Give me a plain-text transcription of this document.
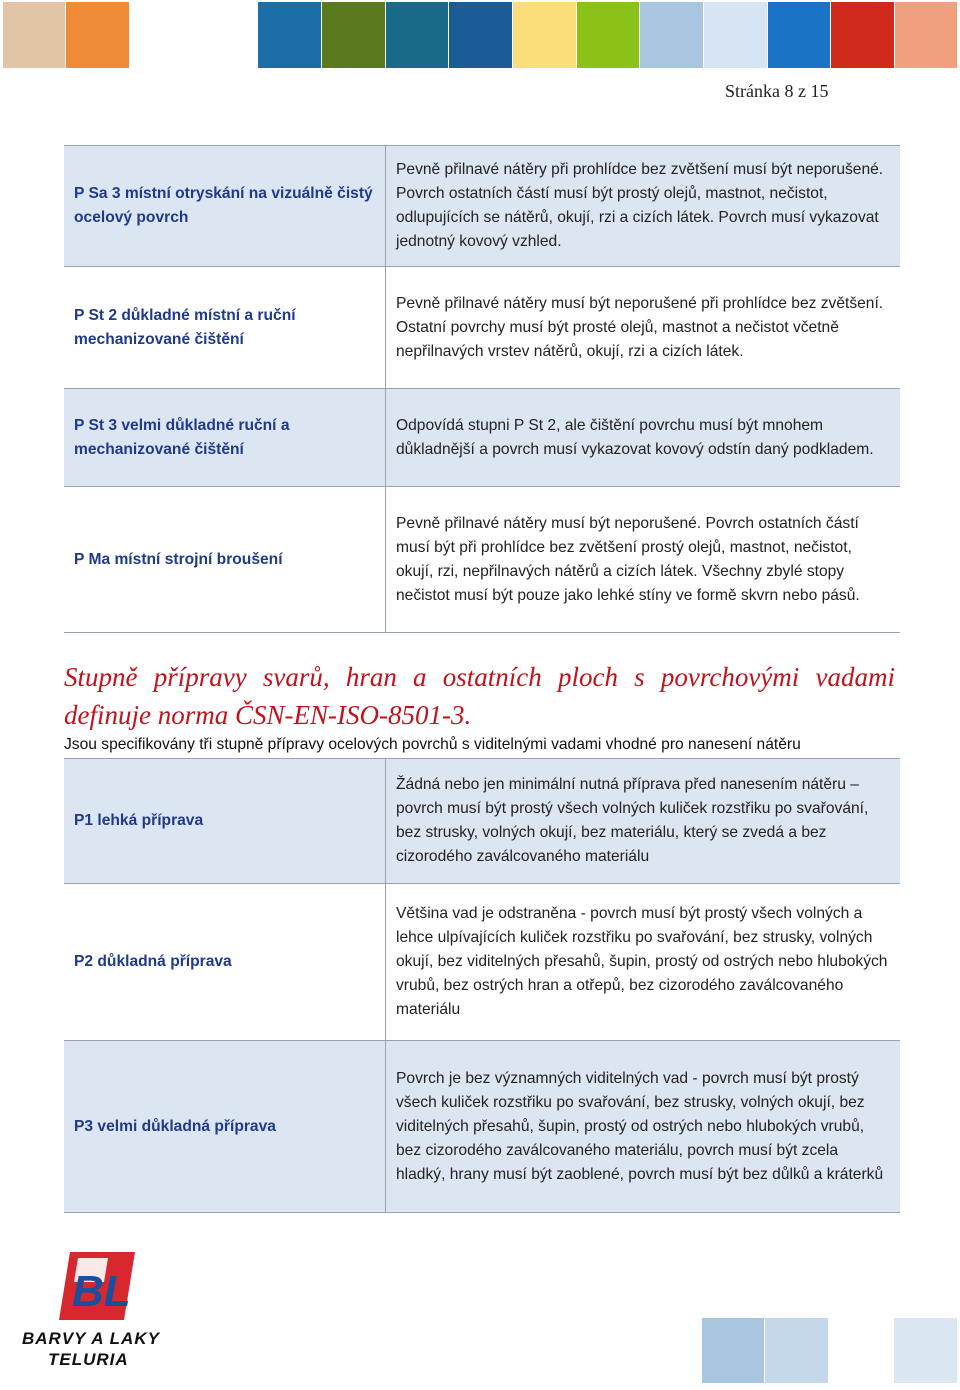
Stránka 8 z 15
P Sa 3 místní otryskání na vizuálně čistý ocelový povrch	Pevně přilnavé nátěry při prohlídce bez zvětšení musí být neporušené. Povrch ostatních částí musí být prostý olejů, mastnot, nečistot, odlupujících se nátěrů, okují, rzi a cizích látek. Povrch musí vykazovat jednotný kovový vzhled.
P St 2 důkladné místní a ruční mechanizované čištění	Pevně přilnavé nátěry musí být neporušené při prohlídce bez zvětšení. Ostatní povrchy musí být prosté olejů, mastnot a nečistot včetně nepřilnavých vrstev nátěrů, okují, rzi a cizích látek.
P St 3 velmi důkladné ruční a mechanizované čištění	Odpovídá stupni P St 2, ale čištění povrchu musí být mnohem důkladnější a povrch musí vykazovat kovový odstín daný podkladem.
P Ma místní strojní broušení	Pevně přilnavé nátěry musí být neporušené. Povrch ostatních částí musí být při prohlídce bez zvětšení prostý olejů, mastnot, nečistot, okují, rzi, nepřilnavých nátěrů a cizích látek. Všechny zbylé stopy nečistot musí být pouze jako lehké stíny ve formě skvrn nebo pásů.
Stupně přípravy svarů, hran a ostatních ploch s povrchovými vadami definuje norma ČSN-EN-ISO-8501-3.
Jsou specifikovány tři stupně přípravy ocelových povrchů s viditelnými vadami vhodné pro nanesení nátěru
P1 lehká příprava	Žádná nebo jen minimální nutná příprava před nanesením nátěru – povrch musí být prostý všech volných kuliček rozstřiku po svařování, bez strusky, volných okují, bez materiálu, který se zvedá a bez cizorodého zaválcovaného materiálu
P2 důkladná příprava	Většina vad je odstraněna - povrch musí být prostý všech volných a lehce ulpívajících kuliček rozstřiku po svařování, bez strusky, volných okují, bez viditelných přesahů, šupin, prostý od ostrých nebo hlubokých vrubů, bez ostrých hran a otřepů, bez cizorodého zaválcovaného materiálu
P3 velmi důkladná příprava	Povrch je bez významných viditelných vad - povrch musí být prostý všech kuliček rozstřiku po svařování, bez strusky, volných okují, bez viditelných přesahů, šupin, prostý od ostrých nebo hlubokých vrubů, bez cizorodého zaválcovaného materiálu, povrch musí být zcela hladký, hrany musí být zaoblené, povrch musí být bez důlků a kráterků
BL
BARVY A LAKY
TELURIA
